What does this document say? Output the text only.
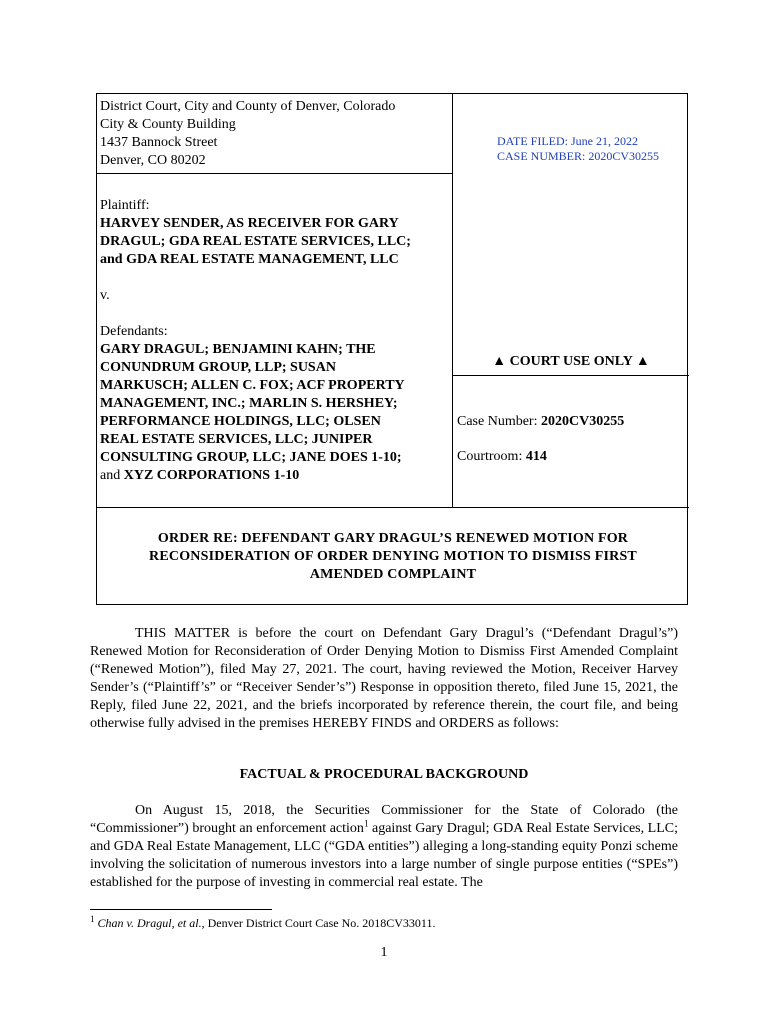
District Court, City and County of Denver, Colorado
City & County Building
1437 Bannock Street
Denver, CO 80202
DATE FILED: June 21, 2022
CASE NUMBER: 2020CV30255
Plaintiff:
HARVEY SENDER, AS RECEIVER FOR GARY
DRAGUL; GDA REAL ESTATE SERVICES, LLC;
and GDA REAL ESTATE MANAGEMENT, LLC
v.
Defendants:
GARY DRAGUL; BENJAMINI KAHN; THE
CONUNDRUM GROUP, LLP; SUSAN
MARKUSCH; ALLEN C. FOX; ACF PROPERTY
MANAGEMENT, INC.; MARLIN S. HERSHEY;
PERFORMANCE HOLDINGS, LLC; OLSEN
REAL ESTATE SERVICES, LLC; JUNIPER
CONSULTING GROUP, LLC; JANE DOES 1-10;
and XYZ CORPORATIONS 1-10
▲ COURT USE ONLY ▲
Case Number: 2020CV30255
Courtroom: 414
ORDER RE: DEFENDANT GARY DRAGUL’S RENEWED MOTION FOR
RECONSIDERATION OF ORDER DENYING MOTION TO DISMISS FIRST
AMENDED COMPLAINT
THIS MATTER is before the court on Defendant Gary Dragul’s (“Defendant Dragul’s”) Renewed Motion for Reconsideration of Order Denying Motion to Dismiss First Amended Complaint (“Renewed Motion”), filed May 27, 2021. The court, having reviewed the Motion, Receiver Harvey Sender’s (“Plaintiff’s” or “Receiver Sender’s”) Response in opposition thereto, filed June 15, 2021, the Reply, filed June 22, 2021, and the briefs incorporated by reference therein, the court file, and being otherwise fully advised in the premises HEREBY FINDS and ORDERS as follows:
FACTUAL & PROCEDURAL BACKGROUND
On August 15, 2018, the Securities Commissioner for the State of Colorado (the “Commissioner”) brought an enforcement action$^1$ against Gary Dragul; GDA Real Estate Services, LLC; and GDA Real Estate Management, LLC (“GDA entities”) alleging a long-standing equity Ponzi scheme involving the solicitation of numerous investors into a large number of single purpose entities (“SPEs”) established for the purpose of investing in commercial real estate. The
$^1$ Chan v. Dragul, et al., Denver District Court Case No. 2018CV33011.
1
